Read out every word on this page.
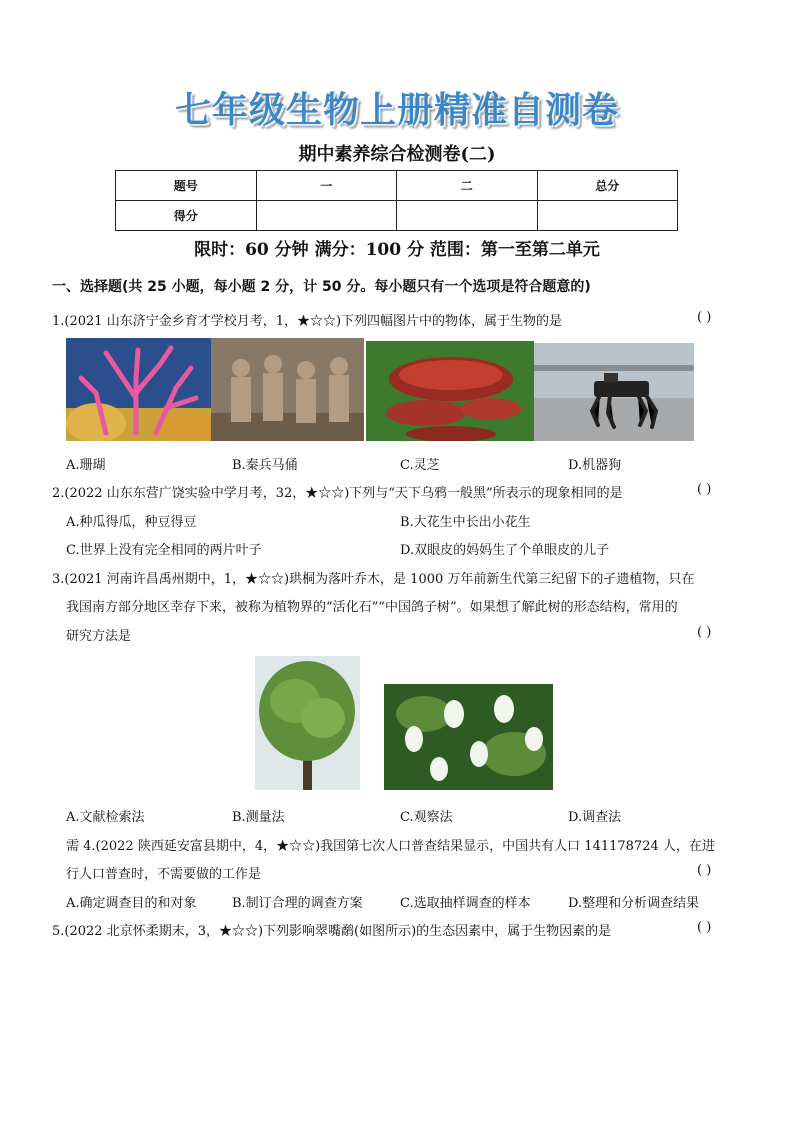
七年级生物上册精准自测卷
期中素养综合检测卷(二)
题号	一	二	总分
得分			
限时：60 分钟 满分：100 分 范围：第一至第二单元
一、选择题(共 25 小题，每小题 2 分，计 50 分。每小题只有一个选项是符合题意的)
1.(2021 山东济宁金乡育才学校月考，1，★☆☆)下列四幅图片中的物体，属于生物的是	( )
A.珊瑚	B.秦兵马俑	C.灵芝	D.机器狗
2.(2022 山东东营广饶实验中学月考，32，★☆☆)下列与“天下乌鸦一般黑”所表示的现象相同的是	( )
A.种瓜得瓜，种豆得豆	B.大花生中长出小花生
C.世界上没有完全相同的两片叶子	D.双眼皮的妈妈生了个单眼皮的儿子
3.(2021 河南许昌禹州期中，1，★☆☆)珙桐为落叶乔木，是 1000 万年前新生代第三纪留下的孑遗植物，只在
我国南方部分地区幸存下来，被称为植物界的“活化石”“中国鸽子树”。如果想了解此树的形态结构，常用的
研究方法是	( )
A.文献检索法	B.测量法	C.观察法	D.调查法
需 4.(2022 陕西延安富县期中，4，★☆☆)我国第七次人口普查结果显示，中国共有人口 141178724 人，在进
行人口普查时，不需要做的工作是	( )
A.确定调查目的和对象	B.制订合理的调查方案	C.选取抽样调查的样本	D.整理和分析调查结果
5.(2022 北京怀柔期末，3，★☆☆)下列影响翠嘴鹬(如图所示)的生态因素中，属于生物因素的是	( )
